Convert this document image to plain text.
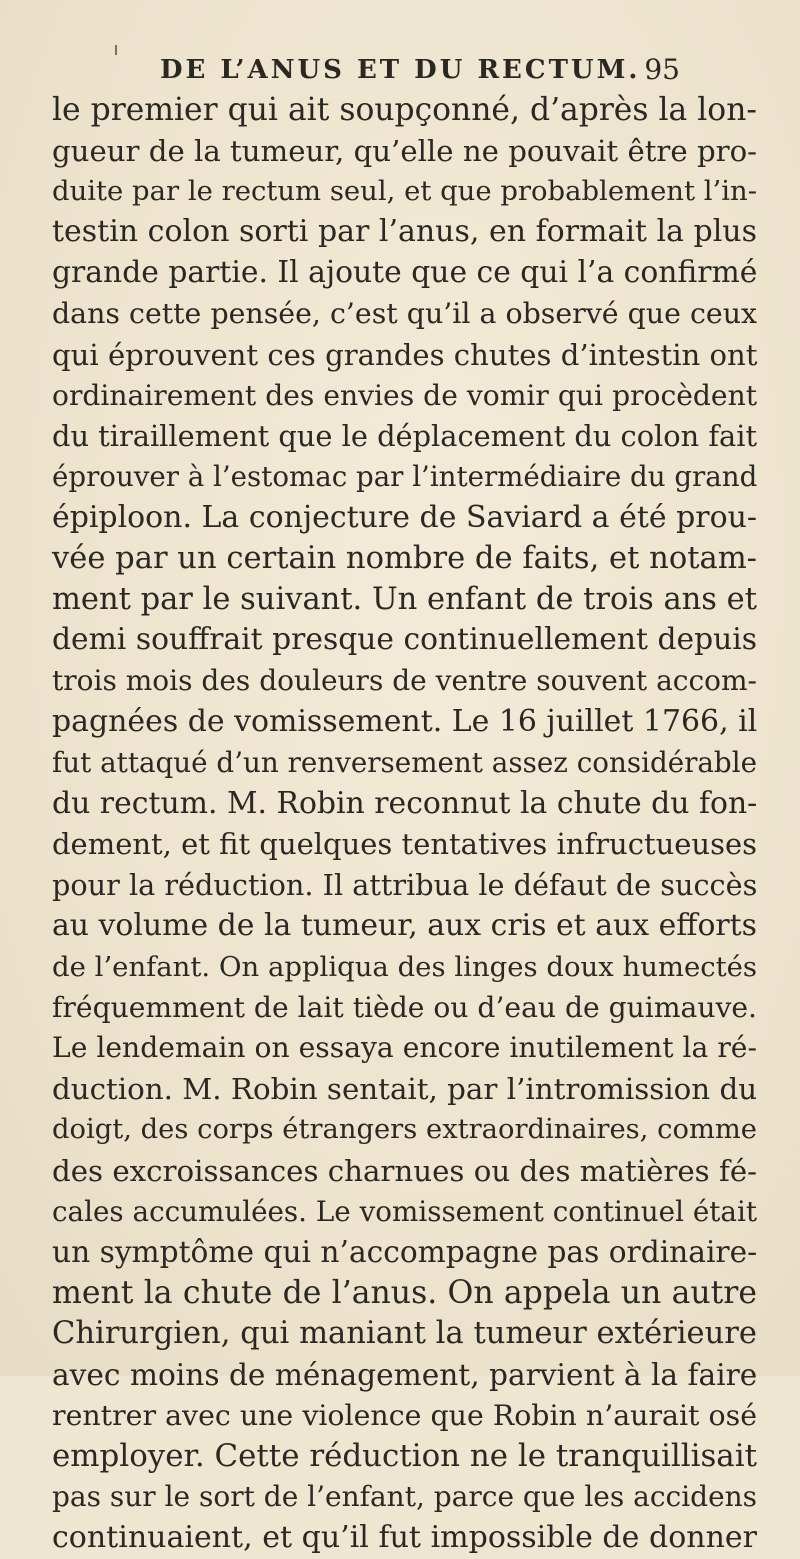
DE L’ANUS ET DU RECTUM. 95
le premier qui ait soupçonné, d’après la lon-
gueur de la tumeur, qu’elle ne pouvait être pro-
duite par le rectum seul, et que probablement l’in-
testin colon sorti par l’anus, en formait la plus
grande partie. Il ajoute que ce qui l’a confirmé
dans cette pensée, c’est qu’il a observé que ceux
qui éprouvent ces grandes chutes d’intestin ont
ordinairement des envies de vomir qui procèdent
du tiraillement que le déplacement du colon fait
éprouver à l’estomac par l’intermédiaire du grand
épiploon. La conjecture de Saviard a été prou-
vée par un certain nombre de faits, et notam-
ment par le suivant. Un enfant de trois ans et
demi souffrait presque continuellement depuis
trois mois des douleurs de ventre souvent accom-
pagnées de vomissement. Le 16 juillet 1766, il
fut attaqué d’un renversement assez considérable
du rectum. M. Robin reconnut la chute du fon-
dement, et fit quelques tentatives infructueuses
pour la réduction. Il attribua le défaut de succès
au volume de la tumeur, aux cris et aux efforts
de l’enfant. On appliqua des linges doux humectés
fréquemment de lait tiède ou d’eau de guimauve.
Le lendemain on essaya encore inutilement la ré-
duction. M. Robin sentait, par l’intromission du
doigt, des corps étrangers extraordinaires, comme
des excroissances charnues ou des matières fé-
cales accumulées. Le vomissement continuel était
un symptôme qui n’accompagne pas ordinaire-
ment la chute de l’anus. On appela un autre
Chirurgien, qui maniant la tumeur extérieure
avec moins de ménagement, parvient à la faire
rentrer avec une violence que Robin n’aurait osé
employer. Cette réduction ne le tranquillisait
pas sur le sort de l’enfant, parce que les accidens
continuaient, et qu’il fut impossible de donner
